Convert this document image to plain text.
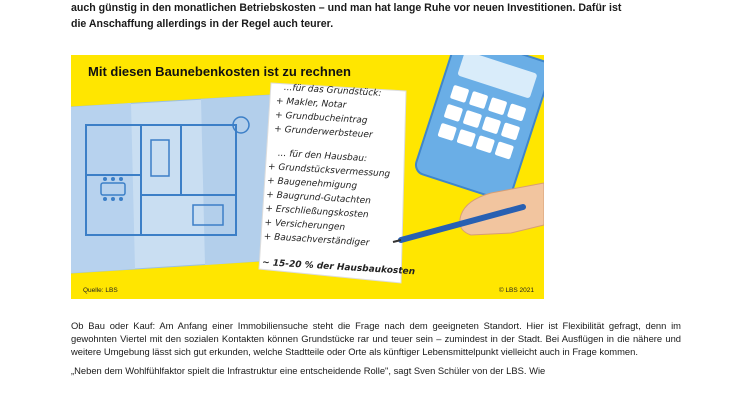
auch günstig in den monatlichen Betriebskosten – und man hat lange Ruhe vor neuen Investitionen. Dafür ist

die Anschaffung allerdings in der Regel auch teurer.

Mit diesen Baunebenkosten ist zu rechnen
...für das Grundstück:
+ Makler, Notar
+ Grundbucheintrag
+ Grunderwerbsteuer
... für den Hausbau:
+ Grundstücksvermessung
+ Baugenehmigung
+ Baugrund-Gutachten
+ Erschließungskosten
+ Versicherungen
+ Bausachverständiger
~ 15-20 % der Hausbaukosten
Quelle: LBS	© LBS 2021

Ob Bau oder Kauf: Am Anfang einer Immobiliensuche steht die Frage nach dem geeigneten Standort. Hier ist Flexibilität gefragt, denn im gewohnten Viertel mit den sozialen Kontakten können Grundstücke rar und teuer sein – zumindest in der Stadt. Bei Ausflügen in die nähere und weitere Umgebung lässt sich gut erkunden, welche Stadtteile oder Orte als künftiger Lebensmittelpunkt vielleicht auch in Frage kommen.

„Neben dem Wohlfühlfaktor spielt die Infrastruktur eine entscheidende Rolle", sagt Sven Schüler von der LBS. Wie
